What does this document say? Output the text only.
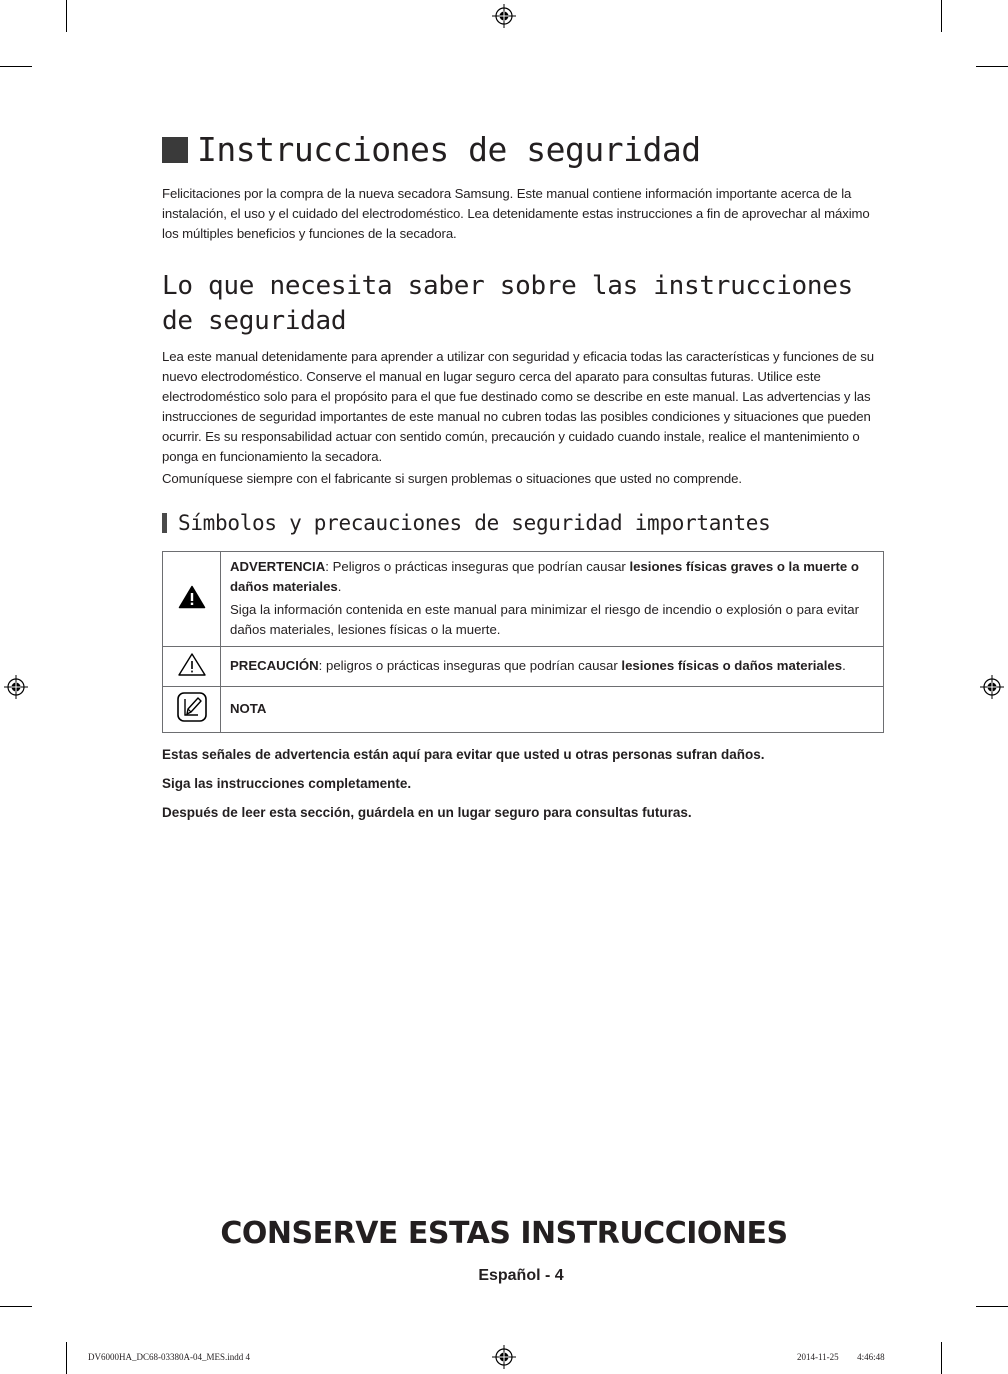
Instrucciones de seguridad

Felicitaciones por la compra de la nueva secadora Samsung. Este manual contiene información importante acerca de la instalación, el uso y el cuidado del electrodoméstico. Lea detenidamente estas instrucciones a fin de aprovechar al máximo los múltiples beneficios y funciones de la secadora.

Lo que necesita saber sobre las instrucciones de seguridad

Lea este manual detenidamente para aprender a utilizar con seguridad y eficacia todas las características y funciones de su nuevo electrodoméstico. Conserve el manual en lugar seguro cerca del aparato para consultas futuras. Utilice este electrodoméstico solo para el propósito para el que fue destinado como se describe en este manual. Las advertencias y las instrucciones de seguridad importantes de este manual no cubren todas las posibles condiciones y situaciones que pueden ocurrir. Es su responsabilidad actuar con sentido común, precaución y cuidado cuando instale, realice el mantenimiento o ponga en funcionamiento la secadora.

Comuníquese siempre con el fabricante si surgen problemas o situaciones que usted no comprende.

Símbolos y precauciones de seguridad importantes

ADVERTENCIA: Peligros o prácticas inseguras que podrían causar lesiones físicas graves o la muerte o daños materiales.
Siga la información contenida en este manual para minimizar el riesgo de incendio o explosión o para evitar daños materiales, lesiones físicas o la muerte.

	PRECAUCIÓN: peligros o prácticas inseguras que podrían causar lesiones físicas o daños materiales.
	NOTA

Estas señales de advertencia están aquí para evitar que usted u otras personas sufran daños.

Siga las instrucciones completamente.

Después de leer esta sección, guárdela en un lugar seguro para consultas futuras.

CONSERVE ESTAS INSTRUCCIONES
Español - 4
DV6000HA_DC68-03380A-04_MES.indd 4	2014-11-25 ￿￿ 4:46:48
